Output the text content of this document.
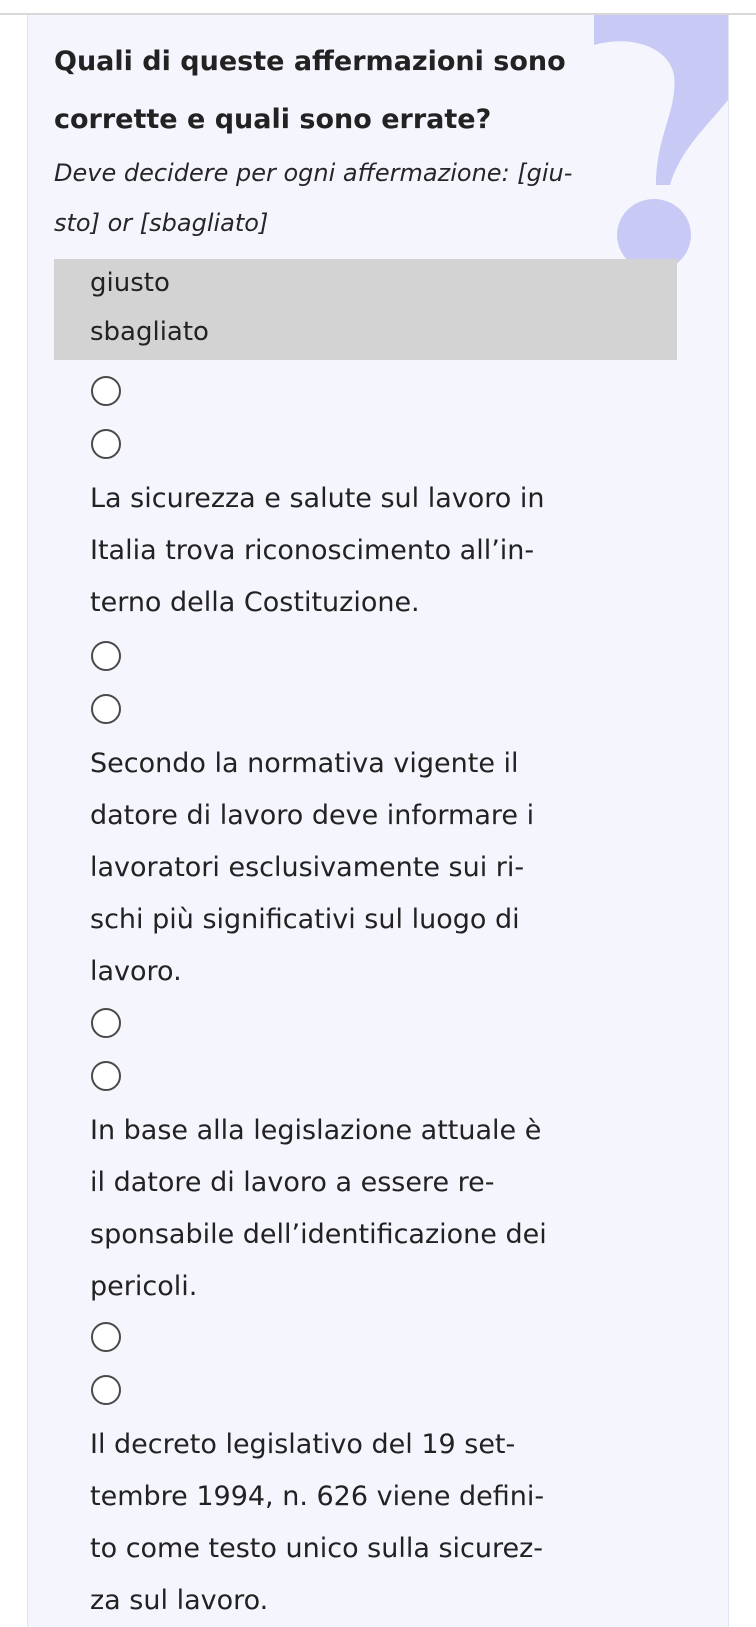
Quali di queste affermazioni sono
corrette e quali sono errate?

Deve decidere per ogni affermazione: [giu-
sto] or [sbagliato]

giusto
sbagliato

La sicurezza e salute sul lavoro in
Italia trova riconoscimento all’in-
terno della Costituzione.

Secondo la normativa vigente il
datore di lavoro deve informare i
lavoratori esclusivamente sui ri-
schi più significativi sul luogo di
lavoro.

In base alla legislazione attuale è
il datore di lavoro a essere re-
sponsabile dell’identificazione dei
pericoli.

Il decreto legislativo del 19 set-
tembre 1994, n. 626 viene defini-
to come testo unico sulla sicurez-
za sul lavoro.
